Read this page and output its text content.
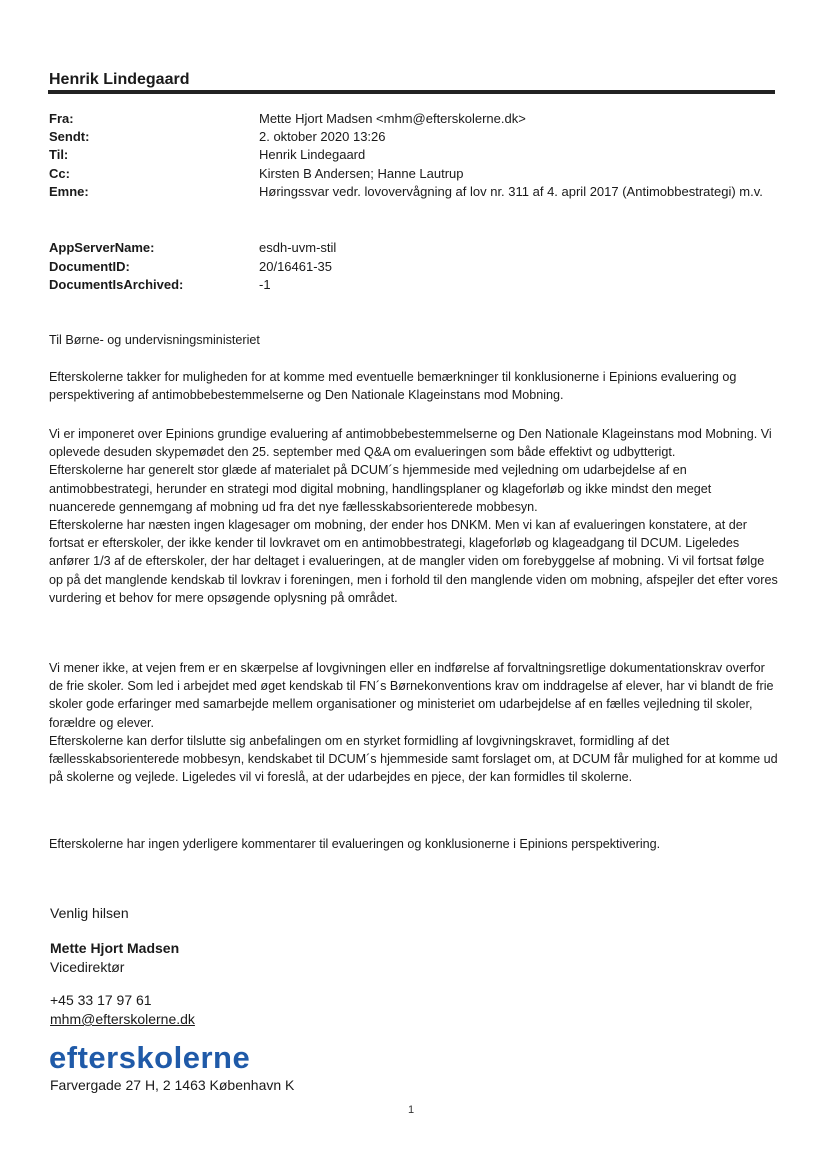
Henrik Lindegaard
Fra:	Mette Hjort Madsen <mhm@efterskolerne.dk>
Sendt:	2. oktober 2020 13:26
Til:	Henrik Lindegaard
Cc:	Kirsten B Andersen; Hanne Lautrup
Emne:	Høringssvar vedr. lovovervågning af lov nr. 311 af 4. april 2017 (Antimobbestrategi) m.v.
AppServerName:	esdh-uvm-stil
DocumentID:	20/16461-35
DocumentIsArchived:	-1
Til Børne- og undervisningsministeriet

Efterskolerne takker for muligheden for at komme med eventuelle bemærkninger til konklusionerne i Epinions evaluering og perspektivering af antimobbebestemmelserne og Den Nationale Klageinstans mod Mobning.

Vi er imponeret over Epinions grundige evaluering af antimobbebestemmelserne og Den Nationale Klageinstans mod Mobning. Vi oplevede desuden skypemødet den 25. september med Q&A om evalueringen som både effektivt og udbytterigt.

Efterskolerne har generelt stor glæde af materialet på DCUM´s hjemmeside med vejledning om udarbejdelse af en antimobbestrategi, herunder en strategi mod digital mobning, handlingsplaner og klageforløb og ikke mindst den meget nuancerede gennemgang af mobning ud fra det nye fællesskabsorienterede mobbesyn.

Efterskolerne har næsten ingen klagesager om mobning, der ender hos DNKM. Men vi kan af evalueringen konstatere, at der fortsat er efterskoler, der ikke kender til lovkravet om en antimobbestrategi, klageforløb og klageadgang til DCUM. Ligeledes anfører 1/3 af de efterskoler, der har deltaget i evalueringen, at de mangler viden om forebyggelse af mobning. Vi vil fortsat følge op på det manglende kendskab til lovkrav i foreningen, men i forhold til den manglende viden om mobning, afspejler det efter vores vurdering et behov for mere opsøgende oplysning på området.

Vi mener ikke, at vejen frem er en skærpelse af lovgivningen eller en indførelse af forvaltningsretlige dokumentationskrav overfor de frie skoler. Som led i arbejdet med øget kendskab til FN´s Børnekonventions krav om inddragelse af elever, har vi blandt de frie skoler gode erfaringer med samarbejde mellem organisationer og ministeriet om udarbejdelse af en fælles vejledning til skoler, forældre og elever.

Efterskolerne kan derfor tilslutte sig anbefalingen om en styrket formidling af lovgivningskravet, formidling af det fællesskabsorienterede mobbesyn, kendskabet til DCUM´s hjemmeside samt forslaget om, at DCUM får mulighed for at komme ud på skolerne og vejlede. Ligeledes vil vi foreslå, at der udarbejdes en pjece, der kan formidles til skolerne.

Efterskolerne har ingen yderligere kommentarer til evalueringen og konklusionerne i Epinions perspektivering.

Venlig hilsen
Mette Hjort Madsen
Vicedirektør
+45 33 17 97 61
mhm@efterskolerne.dk
efterskolerne
Farvergade 27 H, 2 1463 København K
1
